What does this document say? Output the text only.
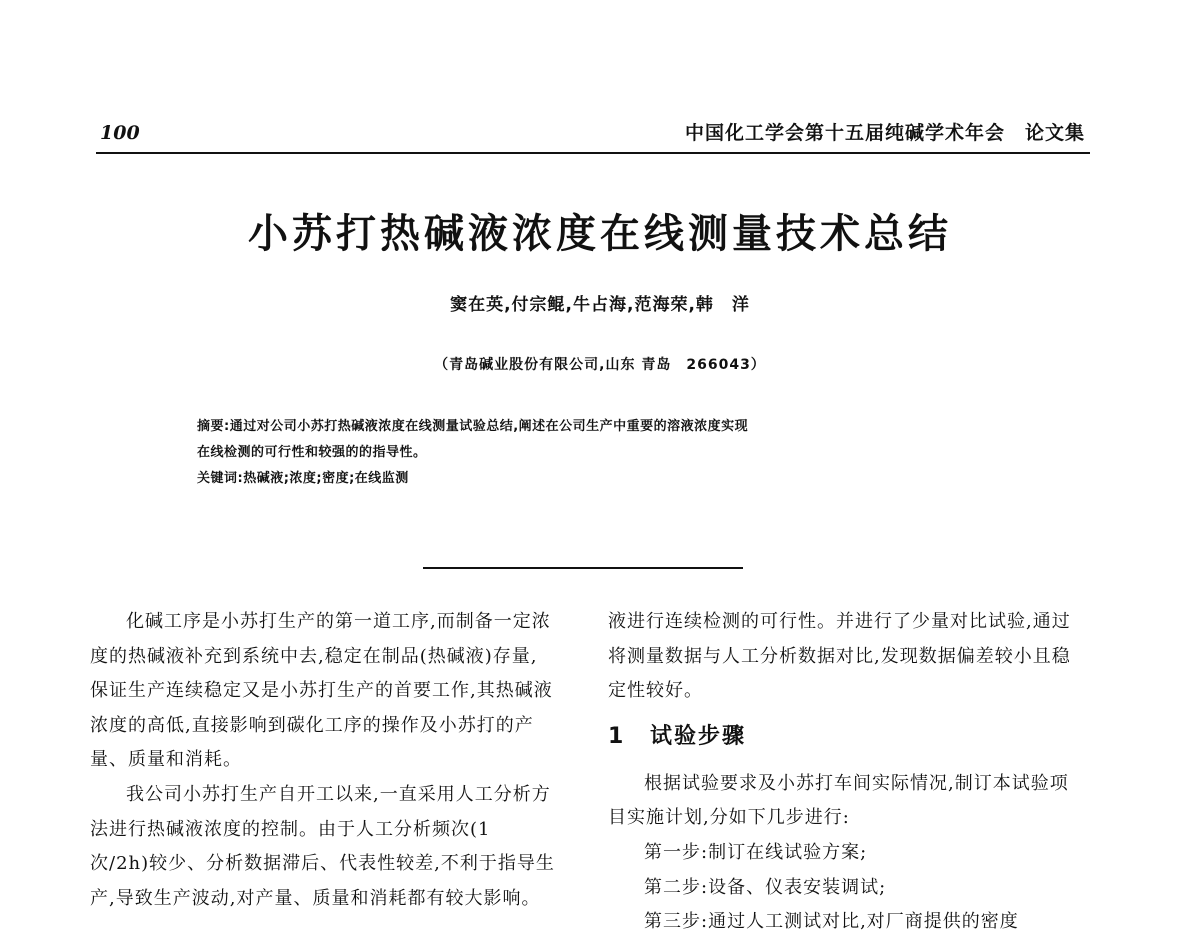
100	中国化工学会第十五届纯碱学术年会　论文集

小苏打热碱液浓度在线测量技术总结

窦在英,付宗鲲,牛占海,范海荣,韩　洋

（青岛碱业股份有限公司,山东 青岛　266043）

摘要:通过对公司小苏打热碱液浓度在线测量试验总结,阐述在公司生产中重要的溶液浓度实现

在线检测的可行性和较强的的指导性。

关键词:热碱液;浓度;密度;在线监测

化碱工序是小苏打生产的第一道工序,而制备一定浓度的热碱液补充到系统中去,稳定在制品(热碱液)存量,保证生产连续稳定又是小苏打生产的首要工作,其热碱液浓度的高低,直接影响到碳化工序的操作及小苏打的产量、质量和消耗。

我公司小苏打生产自开工以来,一直采用人工分析方法进行热碱液浓度的控制。由于人工分析频次(1 次/2h)较少、分析数据滞后、代表性较差,不利于指导生产,导致生产波动,对产量、质量和消耗都有较大影响。

液进行连续检测的可行性。并进行了少量对比试验,通过将测量数据与人工分析数据对比,发现数据偏差较小且稳定性较好。

1 试验步骤

根据试验要求及小苏打车间实际情况,制订本试验项目实施计划,分如下几步进行:

第一步:制订在线试验方案;

第二步:设备、仪表安装调试;

第三步:通过人工测试对比,对厂商提供的密度
